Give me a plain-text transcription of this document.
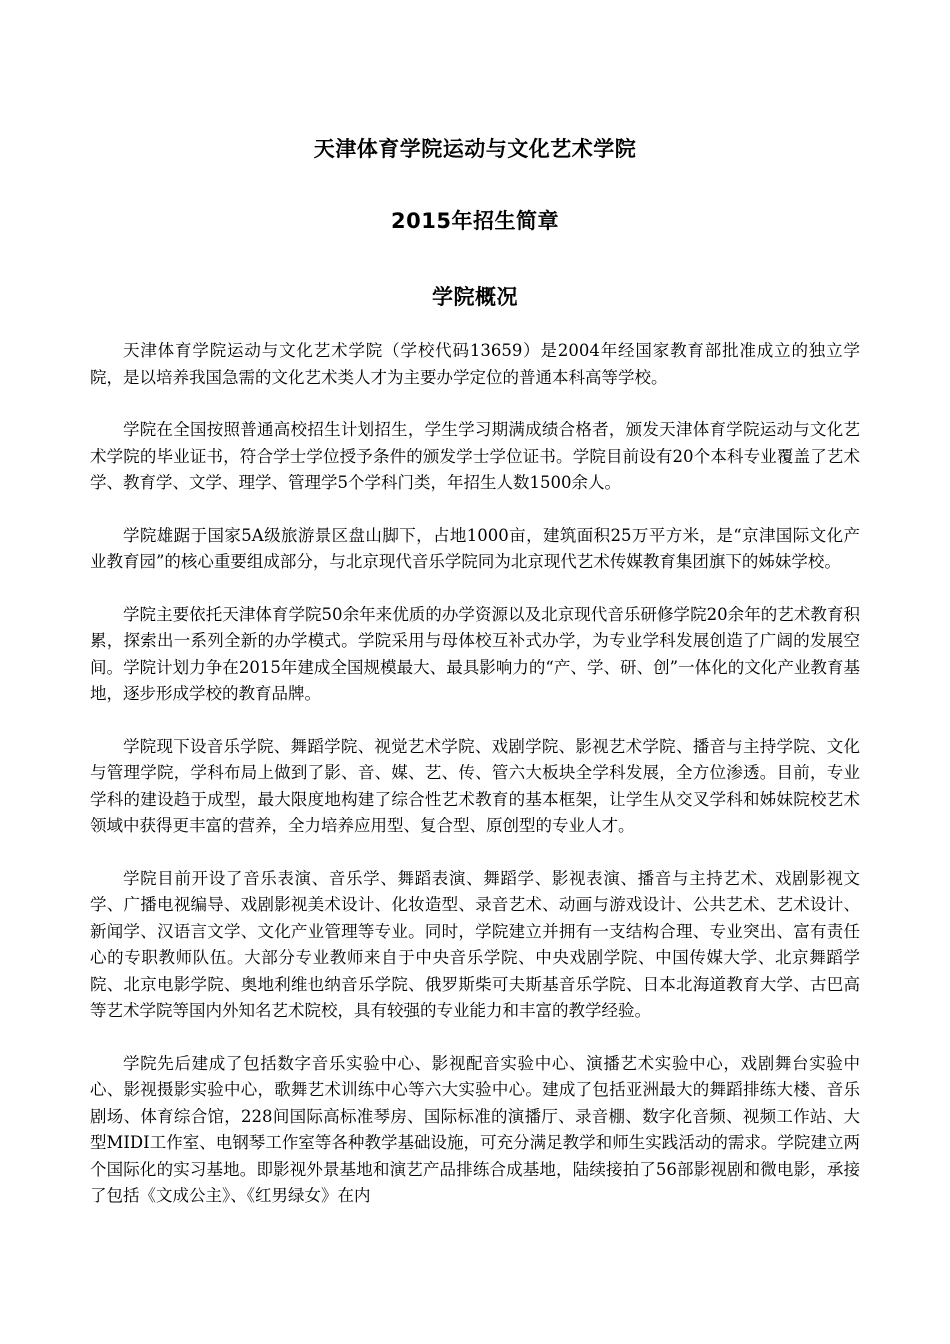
天津体育学院运动与文化艺术学院
2015年招生简章
学院概况

天津体育学院运动与文化艺术学院（学校代码13659）是2004年经国家教育部批准成立的独立学院，是以培养我国急需的文化艺术类人才为主要办学定位的普通本科高等学校。

学院在全国按照普通高校招生计划招生，学生学习期满成绩合格者，颁发天津体育学院运动与文化艺术学院的毕业证书，符合学士学位授予条件的颁发学士学位证书。学院目前设有20个本科专业覆盖了艺术学、教育学、文学、理学、管理学5个学科门类，年招生人数1500余人。

学院雄踞于国家5A级旅游景区盘山脚下，占地1000亩，建筑面积25万平方米，是“京津国际文化产业教育园”的核心重要组成部分，与北京现代音乐学院同为北京现代艺术传媒教育集团旗下的姊妹学校。

学院主要依托天津体育学院50余年来优质的办学资源以及北京现代音乐研修学院20余年的艺术教育积累，探索出一系列全新的办学模式。学院采用与母体校互补式办学，为专业学科发展创造了广阔的发展空间。学院计划力争在2015年建成全国规模最大、最具影响力的“产、学、研、创”一体化的文化产业教育基地，逐步形成学校的教育品牌。

学院现下设音乐学院、舞蹈学院、视觉艺术学院、戏剧学院、影视艺术学院、播音与主持学院、文化与管理学院，学科布局上做到了影、音、媒、艺、传、管六大板块全学科发展，全方位渗透。目前，专业学科的建设趋于成型，最大限度地构建了综合性艺术教育的基本框架，让学生从交叉学科和姊妹院校艺术领域中获得更丰富的营养，全力培养应用型、复合型、原创型的专业人才。

学院目前开设了音乐表演、音乐学、舞蹈表演、舞蹈学、影视表演、播音与主持艺术、戏剧影视文学、广播电视编导、戏剧影视美术设计、化妆造型、录音艺术、动画与游戏设计、公共艺术、艺术设计、新闻学、汉语言文学、文化产业管理等专业。同时，学院建立并拥有一支结构合理、专业突出、富有责任心的专职教师队伍。大部分专业教师来自于中央音乐学院、中央戏剧学院、中国传媒大学、北京舞蹈学院、北京电影学院、奥地利维也纳音乐学院、俄罗斯柴可夫斯基音乐学院、日本北海道教育大学、古巴高等艺术学院等国内外知名艺术院校，具有较强的专业能力和丰富的教学经验。

学院先后建成了包括数字音乐实验中心、影视配音实验中心、演播艺术实验中心，戏剧舞台实验中心、影视摄影实验中心，歌舞艺术训练中心等六大实验中心。建成了包括亚洲最大的舞蹈排练大楼、音乐剧场、体育综合馆，228间国际高标准琴房、国际标准的演播厅、录音棚、数字化音频、视频工作站、大型MIDI工作室、电钢琴工作室等各种教学基础设施，可充分满足教学和师生实践活动的需求。学院建立两个国际化的实习基地。即影视外景基地和演艺产品排练合成基地，陆续接拍了56部影视剧和微电影，承接了包括《文成公主》、《红男绿女》在内
